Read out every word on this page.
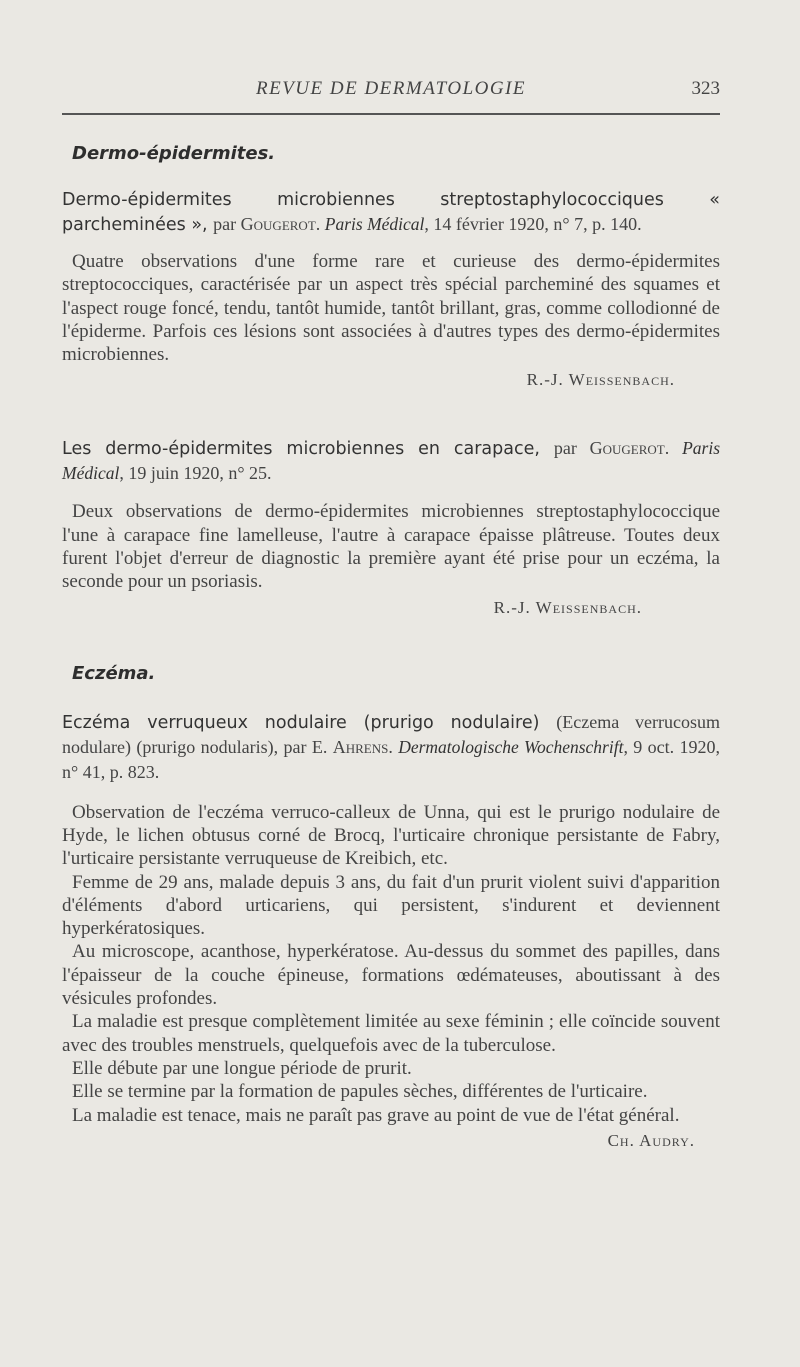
REVUE DE DERMATOLOGIE	323
Dermo-épidermites.

Dermo-épidermites microbiennes streptostaphylococciques « parcheminées », par Gougerot. Paris Médical, 14 février 1920, n° 7, p. 140.

Quatre observations d'une forme rare et curieuse des dermo-épidermites streptococciques, caractérisée par un aspect très spécial parcheminé des squames et l'aspect rouge foncé, tendu, tantôt humide, tantôt brillant, gras, comme collodionné de l'épiderme. Parfois ces lésions sont associées à d'autres types des dermo-épidermites microbiennes.

R.-J. Weissenbach.

Les dermo-épidermites microbiennes en carapace, par Gougerot. Paris Médical, 19 juin 1920, n° 25.

Deux observations de dermo-épidermites microbiennes streptostaphylococcique l'une à carapace fine lamelleuse, l'autre à carapace épaisse plâtreuse. Toutes deux furent l'objet d'erreur de diagnostic la première ayant été prise pour un eczéma, la seconde pour un psoriasis.

R.-J. Weissenbach.

Eczéma.

Eczéma verruqueux nodulaire (prurigo nodulaire) (Eczema verrucosum nodulare) (prurigo nodularis), par E. Ahrens. Dermatologische Wochenschrift, 9 oct. 1920, n° 41, p. 823.

Observation de l'eczéma verruco-calleux de Unna, qui est le prurigo nodulaire de Hyde, le lichen obtusus corné de Brocq, l'urticaire chronique persistante de Fabry, l'urticaire persistante verruqueuse de Kreibich, etc.

Femme de 29 ans, malade depuis 3 ans, du fait d'un prurit violent suivi d'apparition d'éléments d'abord urticariens, qui persistent, s'indurent et deviennent hyperkératosiques.

Au microscope, acanthose, hyperkératose. Au-dessus du sommet des papilles, dans l'épaisseur de la couche épineuse, formations œdémateuses, aboutissant à des vésicules profondes.

La maladie est presque complètement limitée au sexe féminin ; elle coïncide souvent avec des troubles menstruels, quelquefois avec de la tuberculose.

Elle débute par une longue période de prurit.

Elle se termine par la formation de papules sèches, différentes de l'urticaire.

La maladie est tenace, mais ne paraît pas grave au point de vue de l'état général.

Ch. Audry.
